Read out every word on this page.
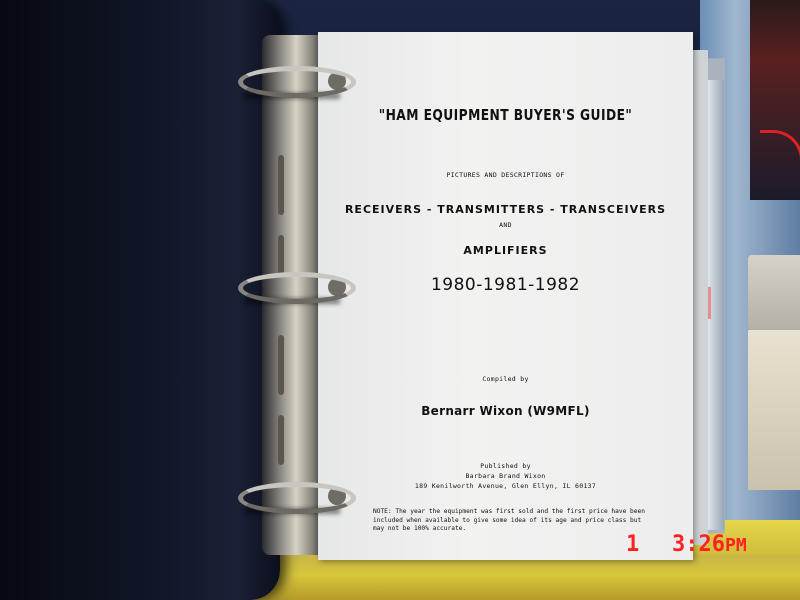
"HAM EQUIPMENT BUYER'S GUIDE"
PICTURES AND DESCRIPTIONS OF
RECEIVERS - TRANSMITTERS - TRANSCEIVERS
AND
AMPLIFIERS
1980-1981-1982
Compiled by
Bernarr Wixon (W9MFL)
Published by
Barbara Brand Wixon
189 Kenilworth Avenue, Glen Ellyn, IL 60137
NOTE: The year the equipment was first sold and the first price have been included when available to give some idea of its age and price class but may not be 100% accurate.
1 3:26PM
